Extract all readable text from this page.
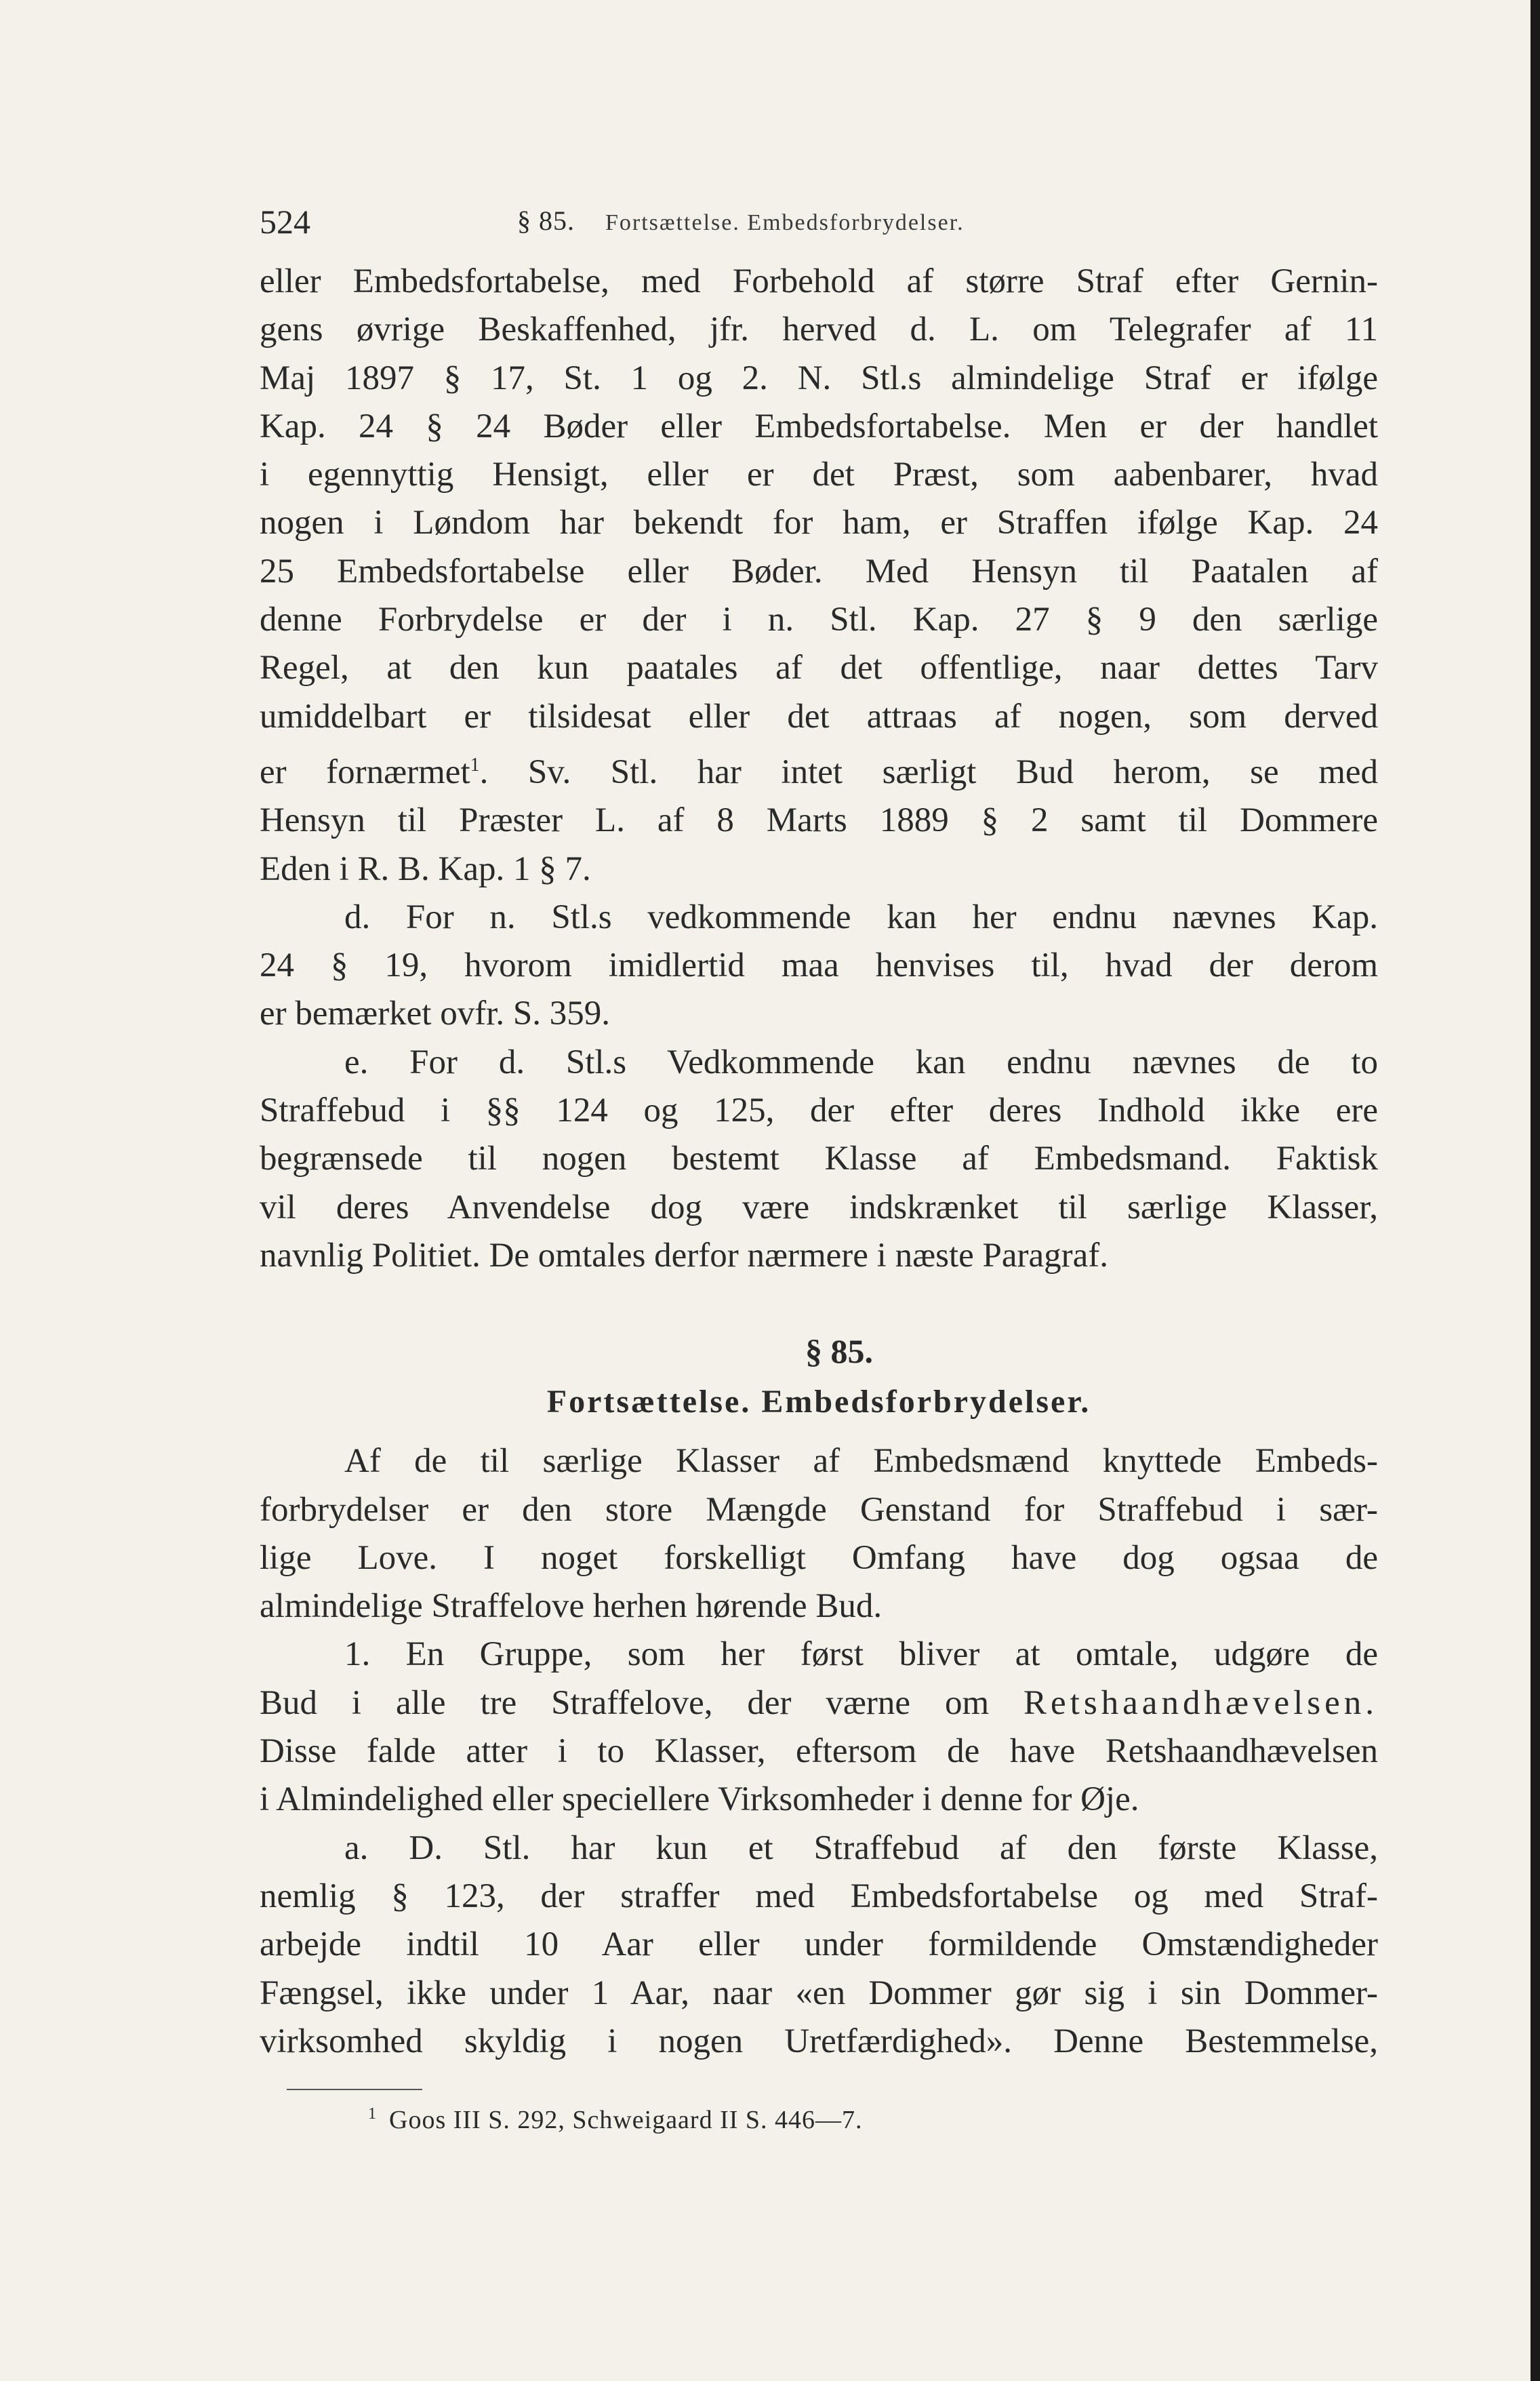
524	§ 85. Fortsættelse. Embedsforbrydelser.
eller Embedsfortabelse, med Forbehold af større Straf efter Gernin-
gens øvrige Beskaffenhed, jfr. herved d. L. om Telegrafer af 11
Maj 1897 § 17, St. 1 og 2. N. Stl.s almindelige Straf er ifølge
Kap. 24 § 24 Bøder eller Embedsfortabelse. Men er der handlet
i egennyttig Hensigt, eller er det Præst, som aabenbarer, hvad
nogen i Løndom har bekendt for ham, er Straffen ifølge Kap. 24
25 Embedsfortabelse eller Bøder. Med Hensyn til Paatalen af
denne Forbrydelse er der i n. Stl. Kap. 27 § 9 den særlige
Regel, at den kun paatales af det offentlige, naar dettes Tarv
umiddelbart er tilsidesat eller det attraas af nogen, som derved
er fornærmet$^1$. Sv. Stl. har intet særligt Bud herom, se med
Hensyn til Præster L. af 8 Marts 1889 § 2 samt til Dommere
Eden i R. B. Kap. 1 § 7.
d. For n. Stl.s vedkommende kan her endnu nævnes Kap.
24 § 19, hvorom imidlertid maa henvises til, hvad der derom
er bemærket ovfr. S. 359.
e. For d. Stl.s Vedkommende kan endnu nævnes de to
Straffebud i §§ 124 og 125, der efter deres Indhold ikke ere
begrænsede til nogen bestemt Klasse af Embedsmand. Faktisk
vil deres Anvendelse dog være indskrænket til særlige Klasser,
navnlig Politiet. De omtales derfor nærmere i næste Paragraf.
§ 85.
Fortsættelse. Embedsforbrydelser.
Af de til særlige Klasser af Embedsmænd knyttede Embeds-
forbrydelser er den store Mængde Genstand for Straffebud i sær-
lige Love. I noget forskelligt Omfang have dog ogsaa de
almindelige Straffelove herhen hørende Bud.
1. En Gruppe, som her først bliver at omtale, udgøre de
Bud i alle tre Straffelove, der værne om Retshaandhævelsen.
Disse falde atter i to Klasser, eftersom de have Retshaandhævelsen
i Almindelighed eller speciellere Virksomheder i denne for Øje.
a. D. Stl. har kun et Straffebud af den første Klasse,
nemlig § 123, der straffer med Embedsfortabelse og med Straf-
arbejde indtil 10 Aar eller under formildende Omstændigheder
Fængsel, ikke under 1 Aar, naar «en Dommer gør sig i sin Dommer-
virksomhed skyldig i nogen Uretfærdighed». Denne Bestemmelse,
$^1$ Goos III S. 292, Schweigaard II S. 446—7.
